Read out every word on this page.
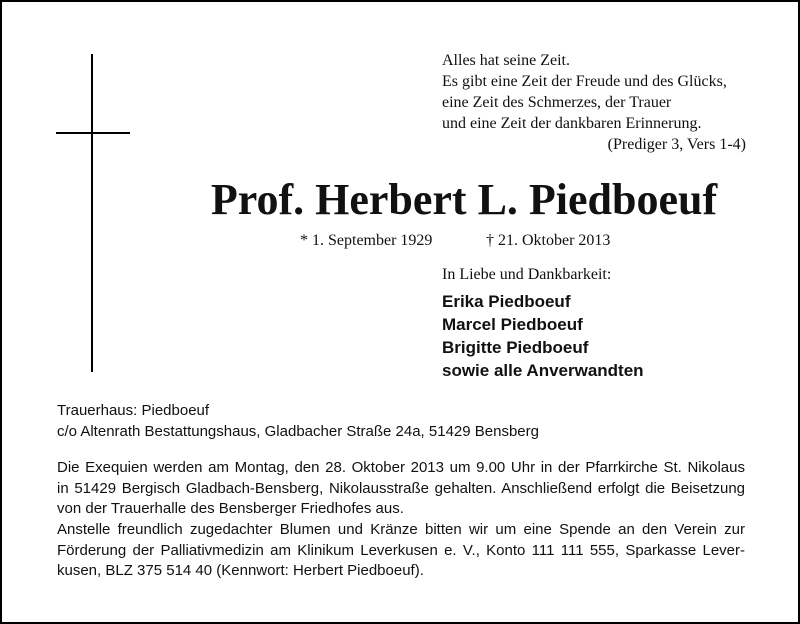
Alles hat seine Zeit.
Es gibt eine Zeit der Freude und des Glücks,
eine Zeit des Schmerzes, der Trauer
und eine Zeit der dankbaren Erinnerung.
(Prediger 3, Vers 1-4)
Prof. Herbert L. Piedboeuf
* 1. September 1929	† 21. Oktober 2013
In Liebe und Dankbarkeit:
Erika Piedboeuf
Marcel Piedboeuf
Brigitte Piedboeuf
sowie alle Anverwandten
Trauerhaus: Piedboeuf
c/o Altenrath Bestattungshaus, Gladbacher Straße 24a, 51429 Bensberg
Die Exequien werden am Montag, den 28. Oktober 2013 um 9.00 Uhr in der Pfarrkirche St. Nikolaus
in 51429 Bergisch Gladbach-Bensberg, Nikolausstraße gehalten. Anschließend erfolgt die Beisetzung
von der Trauerhalle des Bensberger Friedhofes aus.
Anstelle freundlich zugedachter Blumen und Kränze bitten wir um eine Spende an den Verein zur
Förderung der Palliativmedizin am Klinikum Leverkusen e. V., Konto 111 111 555, Sparkasse Lever-
kusen, BLZ 375 514 40 (Kennwort: Herbert Piedboeuf).
